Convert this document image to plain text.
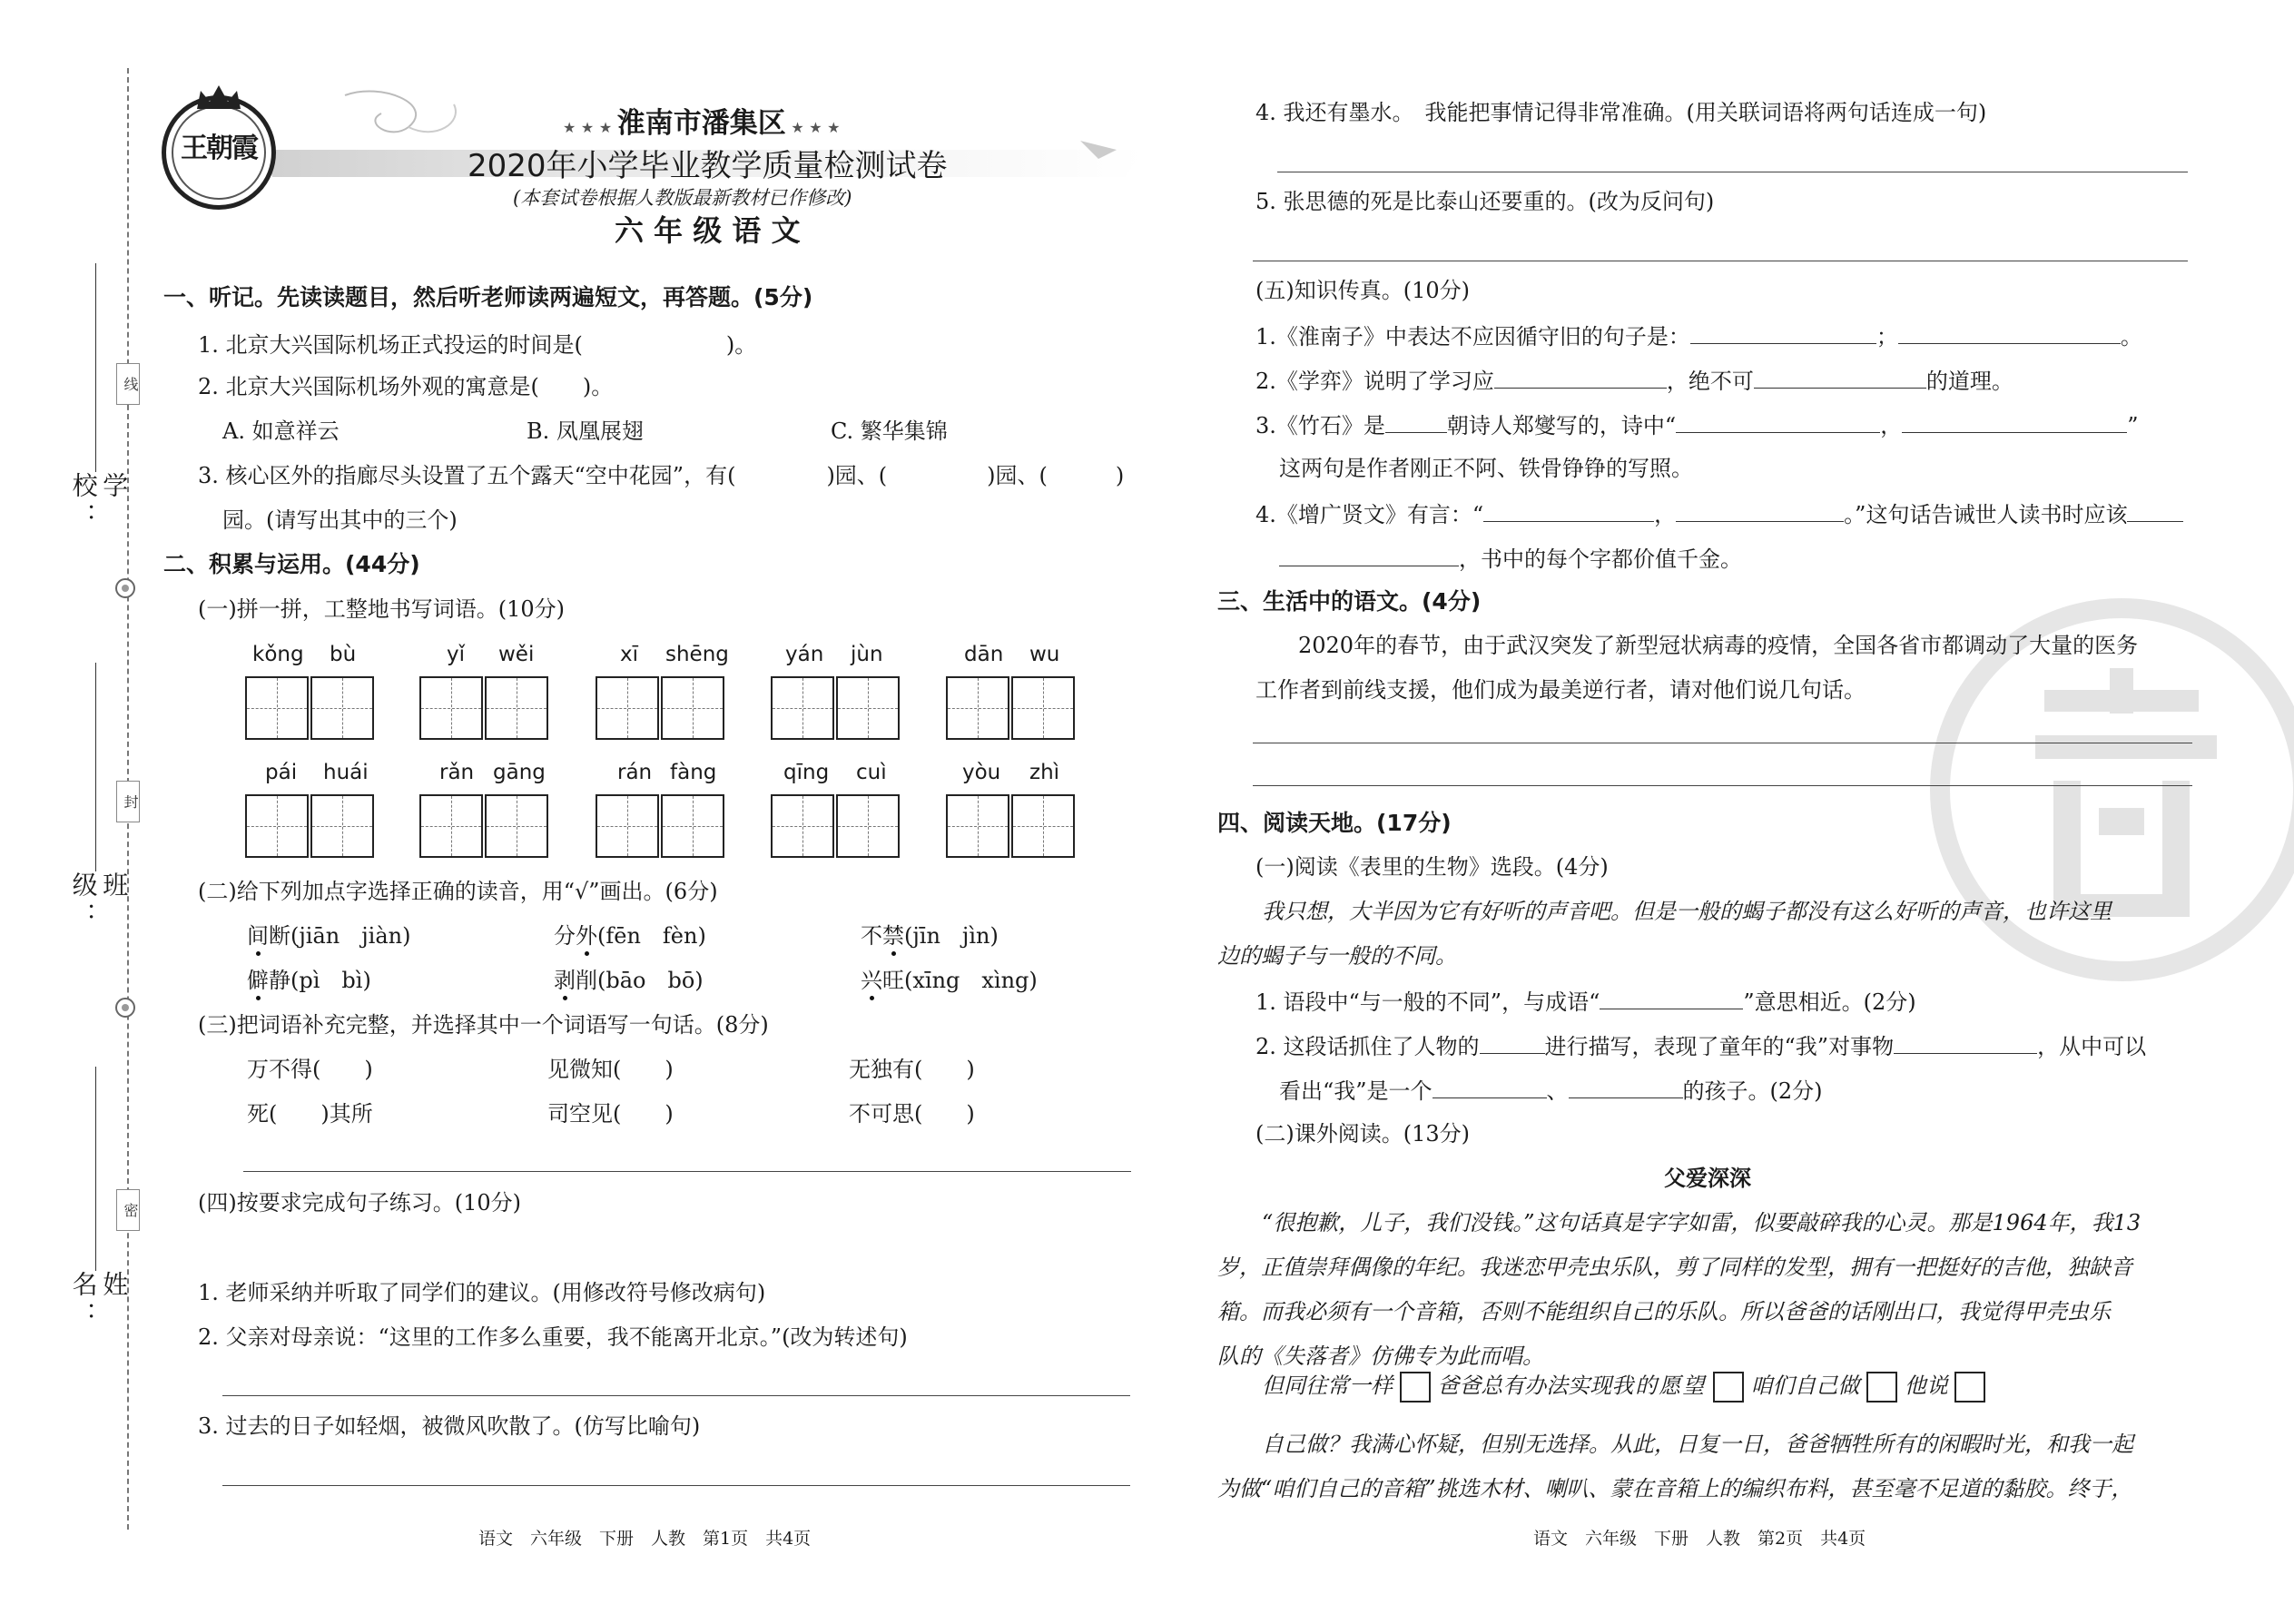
线
封
密
学校：
班级：
姓名：
王朝霞
★ ★ ★ 淮南市潘集区 ★ ★ ★
2020年小学毕业教学质量检测试卷
(本套试卷根据人教版最新教材已作修改)
六 年 级 语 文
一、听记。先读读题目，然后听老师读两遍短文，再答题。(5分)
1. 北京大兴国际机场正式投运的时间是(	)。
2. 北京大兴国际机场外观的寓意是(　　)。
A. 如意祥云	B. 凤凰展翅	C. 繁华集锦
3. 核心区外的指廊尽头设置了五个露天“空中花园”，有(	)园、(	)园、(	)
园。(请写出其中的三个)
二、积累与运用。(44分)
(一)拼一拼，工整地书写词语。(10分)
kǒng bù	yǐ wěi	xī shēng	yán jùn	dān wu
pái huái	rǎn gāng	rán fàng	qīng cuì	yòu zhì
(二)给下列加点字选择正确的读音，用“√”画出。(6分)
间断(jiān　jiàn)	分外(fēn　fèn)	不禁(jīn　jìn)
僻静(pì　bì)	剥削(bāo　bō)	兴旺(xīng　xìng)
(三)把词语补充完整，并选择其中一个词语写一句话。(8分)
万不得(　　)	见微知(　　)	无独有(　　)
死(　　)其所	司空见(　　)	不可思(　　)
(四)按要求完成句子练习。(10分)
1. 老师采纳并听取了同学们的建议。(用修改符号修改病句)
2. 父亲对母亲说：“这里的工作多么重要，我不能离开北京。”(改为转述句)
3. 过去的日子如轻烟，被微风吹散了。(仿写比喻句)
语文　六年级　下册　人教　第1页　共4页
4. 我还有墨水。　我能把事情记得非常准确。(用关联词语将两句话连成一句)
5. 张思德的死是比泰山还要重的。(改为反问句)
(五)知识传真。(10分)
1.《淮南子》中表达不应因循守旧的句子是：	；	。
2.《学弈》说明了学习应	，绝不可	的道理。
3.《竹石》是	朝诗人郑燮写的，诗中“	，	”
这两句是作者刚正不阿、铁骨铮铮的写照。
4.《增广贤文》有言：“	，	。”这句话告诫世人读书时应该
，书中的每个字都价值千金。
三、生活中的语文。(4分)
2020年的春节，由于武汉突发了新型冠状病毒的疫情，全国各省市都调动了大量的医务
工作者到前线支援，他们成为最美逆行者，请对他们说几句话。
四、阅读天地。(17分)
(一)阅读《表里的生物》选段。(4分)
我只想，大半因为它有好听的声音吧。但是一般的蝎子都没有这么好听的声音，也许这里
边的蝎子与一般的不同。
1. 语段中“与一般的不同”，与成语“	”意思相近。(2分)
2. 这段话抓住了人物的	进行描写，表现了童年的“我”对事物	，从中可以
看出“我”是一个	、	的孩子。(2分)
(二)课外阅读。(13分)
父爱深深
“很抱歉，儿子，我们没钱。”这句话真是字字如雷，似要敲碎我的心灵。那是1964年，我13
岁，正值崇拜偶像的年纪。我迷恋甲壳虫乐队，剪了同样的发型，拥有一把挺好的吉他，独缺音
箱。而我必须有一个音箱，否则不能组织自己的乐队。所以爸爸的话刚出口，我觉得甲壳虫乐
队的《失落者》仿佛专为此而唱。
但同往常一样 爸爸总有办法实现我的愿望 咱们自己做 他说
自己做？我满心怀疑，但别无选择。从此，日复一日，爸爸牺牲所有的闲暇时光，和我一起
为做“咱们自己的音箱”挑选木材、喇叭、蒙在音箱上的编织布料，甚至毫不足道的黏胶。终于，
语文　六年级　下册　人教　第2页　共4页
